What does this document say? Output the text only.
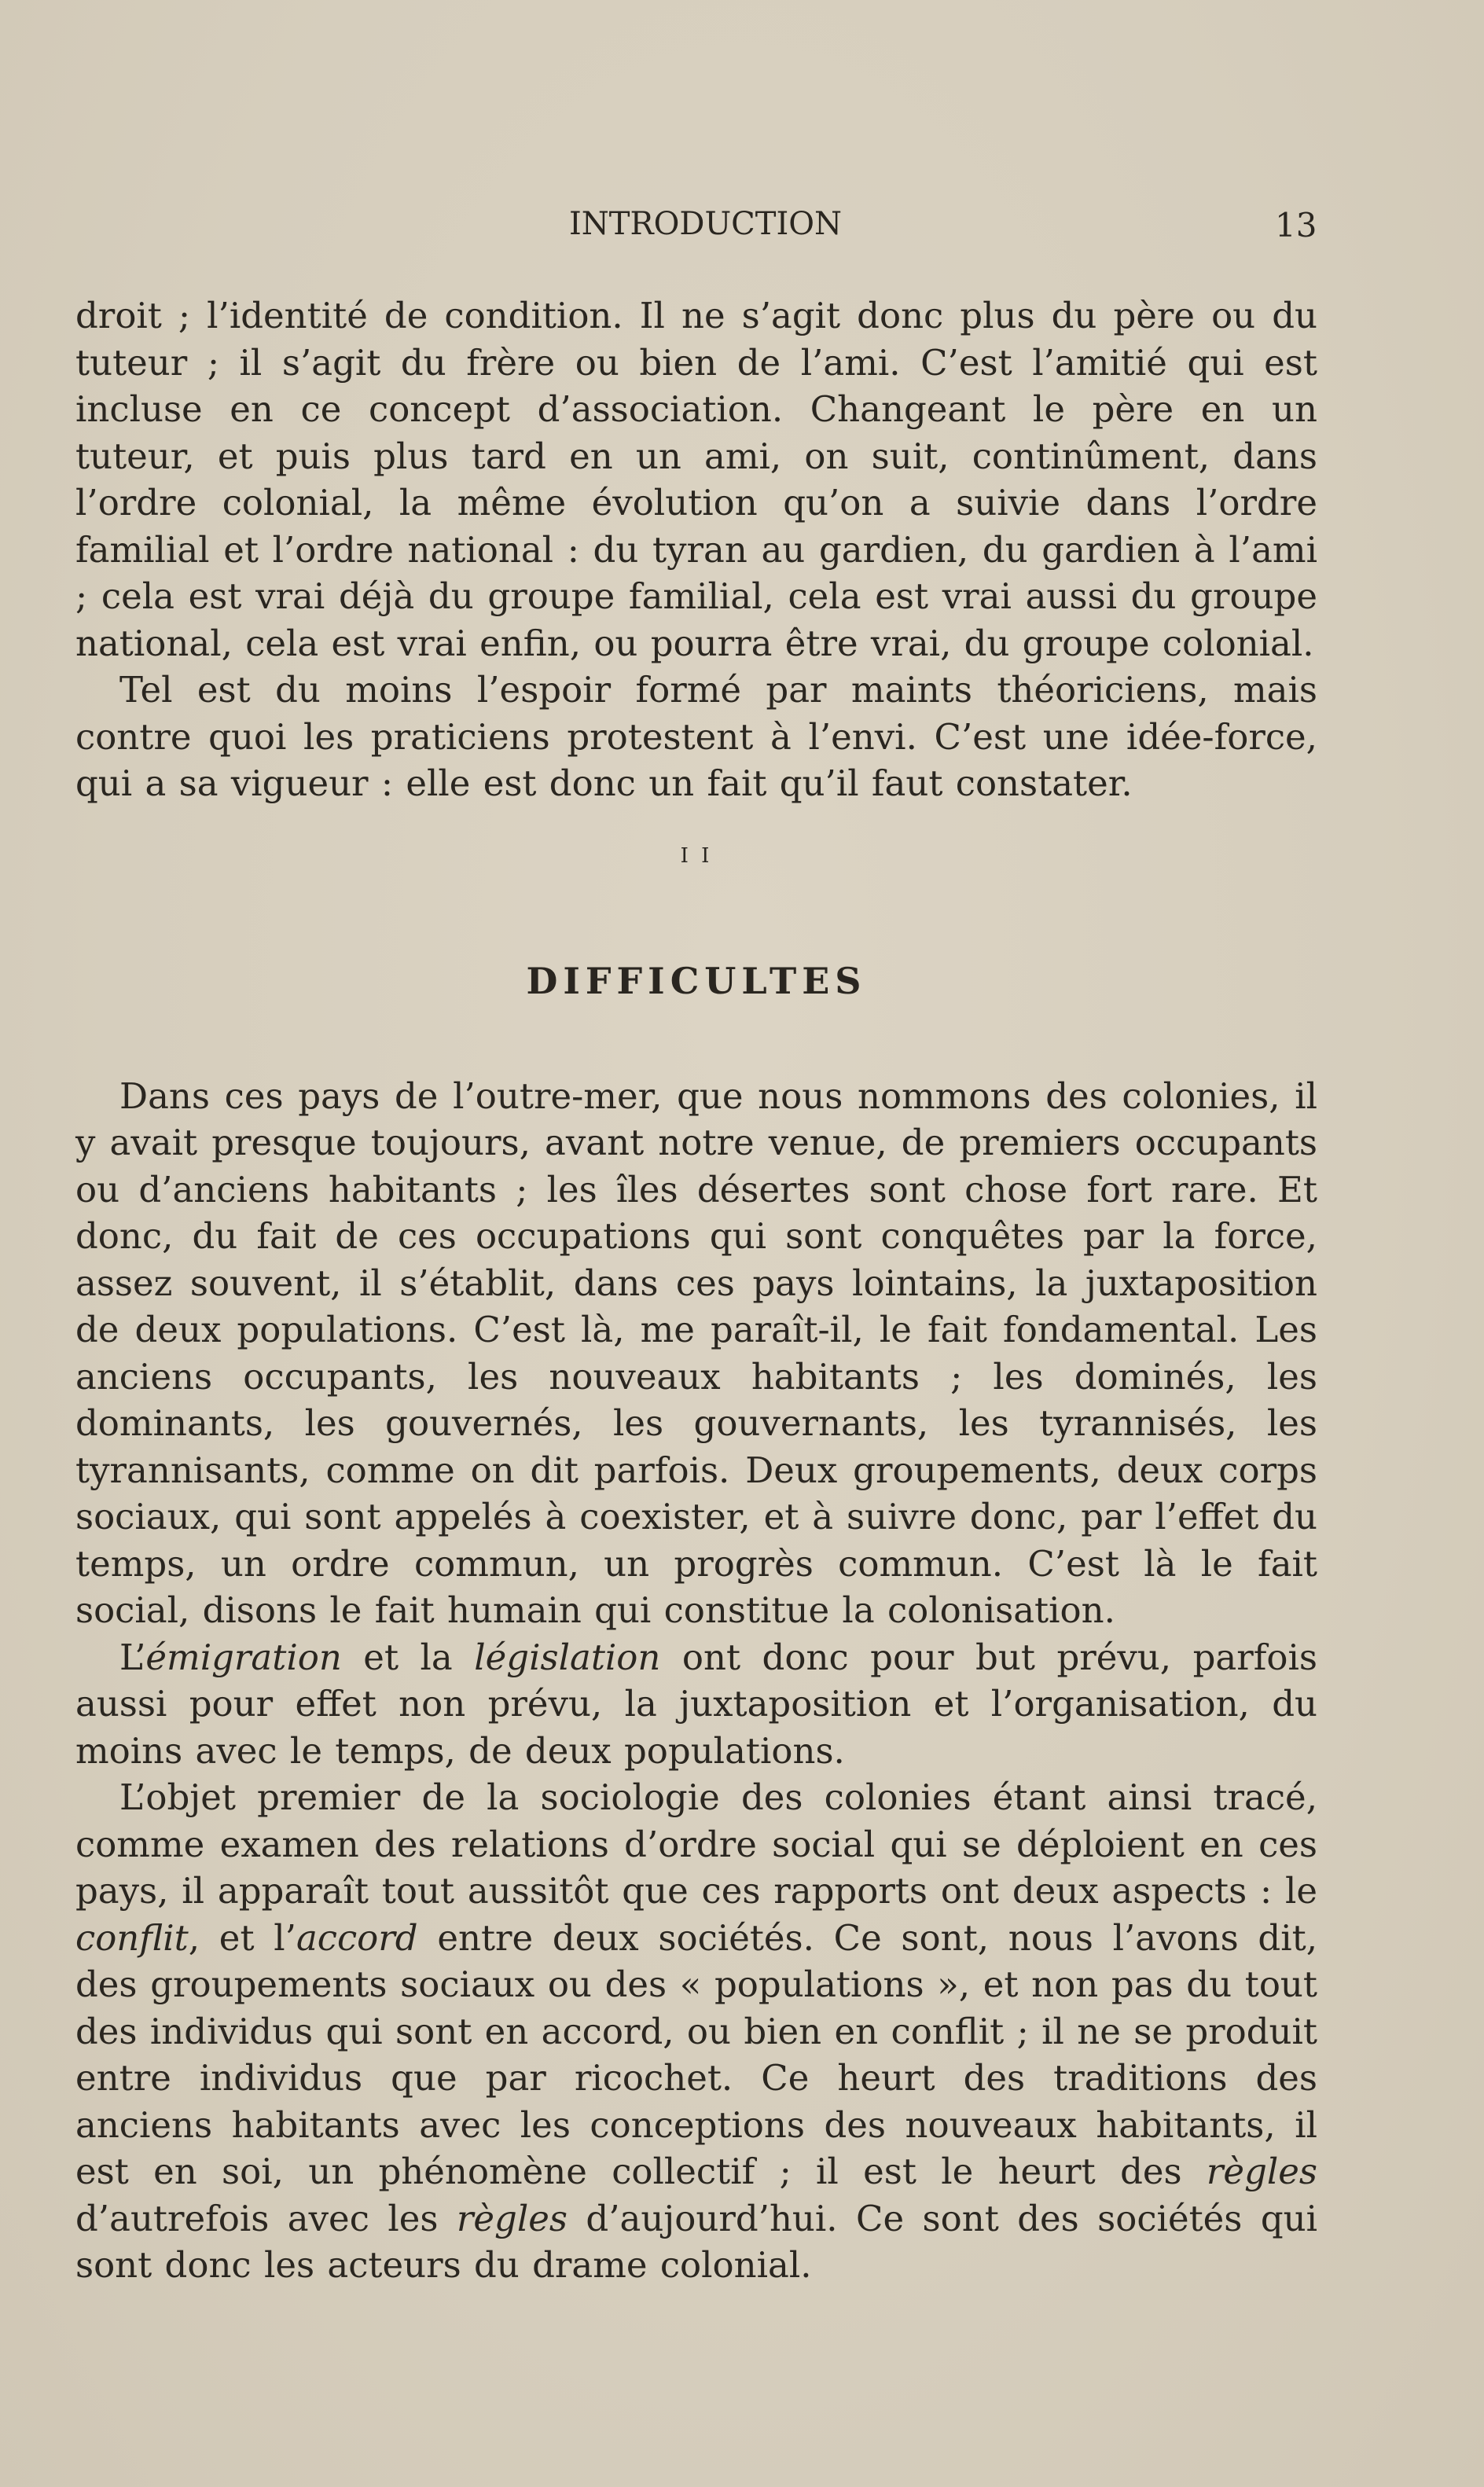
INTRODUCTION	13

droit ; l’identité de condition. Il ne s’agit donc plus du père ou du tuteur ; il s’agit du frère ou bien de l’ami. C’est l’amitié qui est incluse en ce concept d’association. Changeant le père en un tuteur, et puis plus tard en un ami, on suit, continûment, dans l’ordre colonial, la même évolution qu’on a suivie dans l’ordre familial et l’ordre national : du tyran au gardien, du gardien à l’ami ; cela est vrai déjà du groupe familial, cela est vrai aussi du groupe national, cela est vrai enfin, ou pourra être vrai, du groupe colonial.

Tel est du moins l’espoir formé par maints théoriciens, mais contre quoi les praticiens protestent à l’envi. C’est une idée-force, qui a sa vigueur : elle est donc un fait qu’il faut constater.

I I
DIFFICULTES

Dans ces pays de l’outre-mer, que nous nommons des colonies, il y avait presque toujours, avant notre venue, de premiers occupants ou d’anciens habitants ; les îles désertes sont chose fort rare. Et donc, du fait de ces occupations qui sont conquêtes par la force, assez souvent, il s’établit, dans ces pays lointains, la juxtaposition de deux populations. C’est là, me paraît-il, le fait fondamental. Les anciens occupants, les nouveaux habitants ; les dominés, les dominants, les gouvernés, les gouvernants, les tyrannisés, les tyrannisants, comme on dit parfois. Deux groupements, deux corps sociaux, qui sont appelés à coexister, et à suivre donc, par l’effet du temps, un ordre commun, un progrès commun. C’est là le fait social, disons le fait humain qui constitue la colonisation.

L’émigration et la législation ont donc pour but prévu, parfois aussi pour effet non prévu, la juxtaposition et l’organisation, du moins avec le temps, de deux populations.

L’objet premier de la sociologie des colonies étant ainsi tracé, comme examen des relations d’ordre social qui se déploient en ces pays, il apparaît tout aussitôt que ces rapports ont deux aspects : le conflit, et l’accord entre deux sociétés. Ce sont, nous l’avons dit, des groupements sociaux ou des « populations », et non pas du tout des individus qui sont en accord, ou bien en conflit ; il ne se produit entre individus que par ricochet. Ce heurt des traditions des anciens habitants avec les conceptions des nouveaux habitants, il est en soi, un phénomène collectif ; il est le heurt des règles d’autrefois avec les règles d’aujourd’hui. Ce sont des sociétés qui sont donc les acteurs du drame colonial.
